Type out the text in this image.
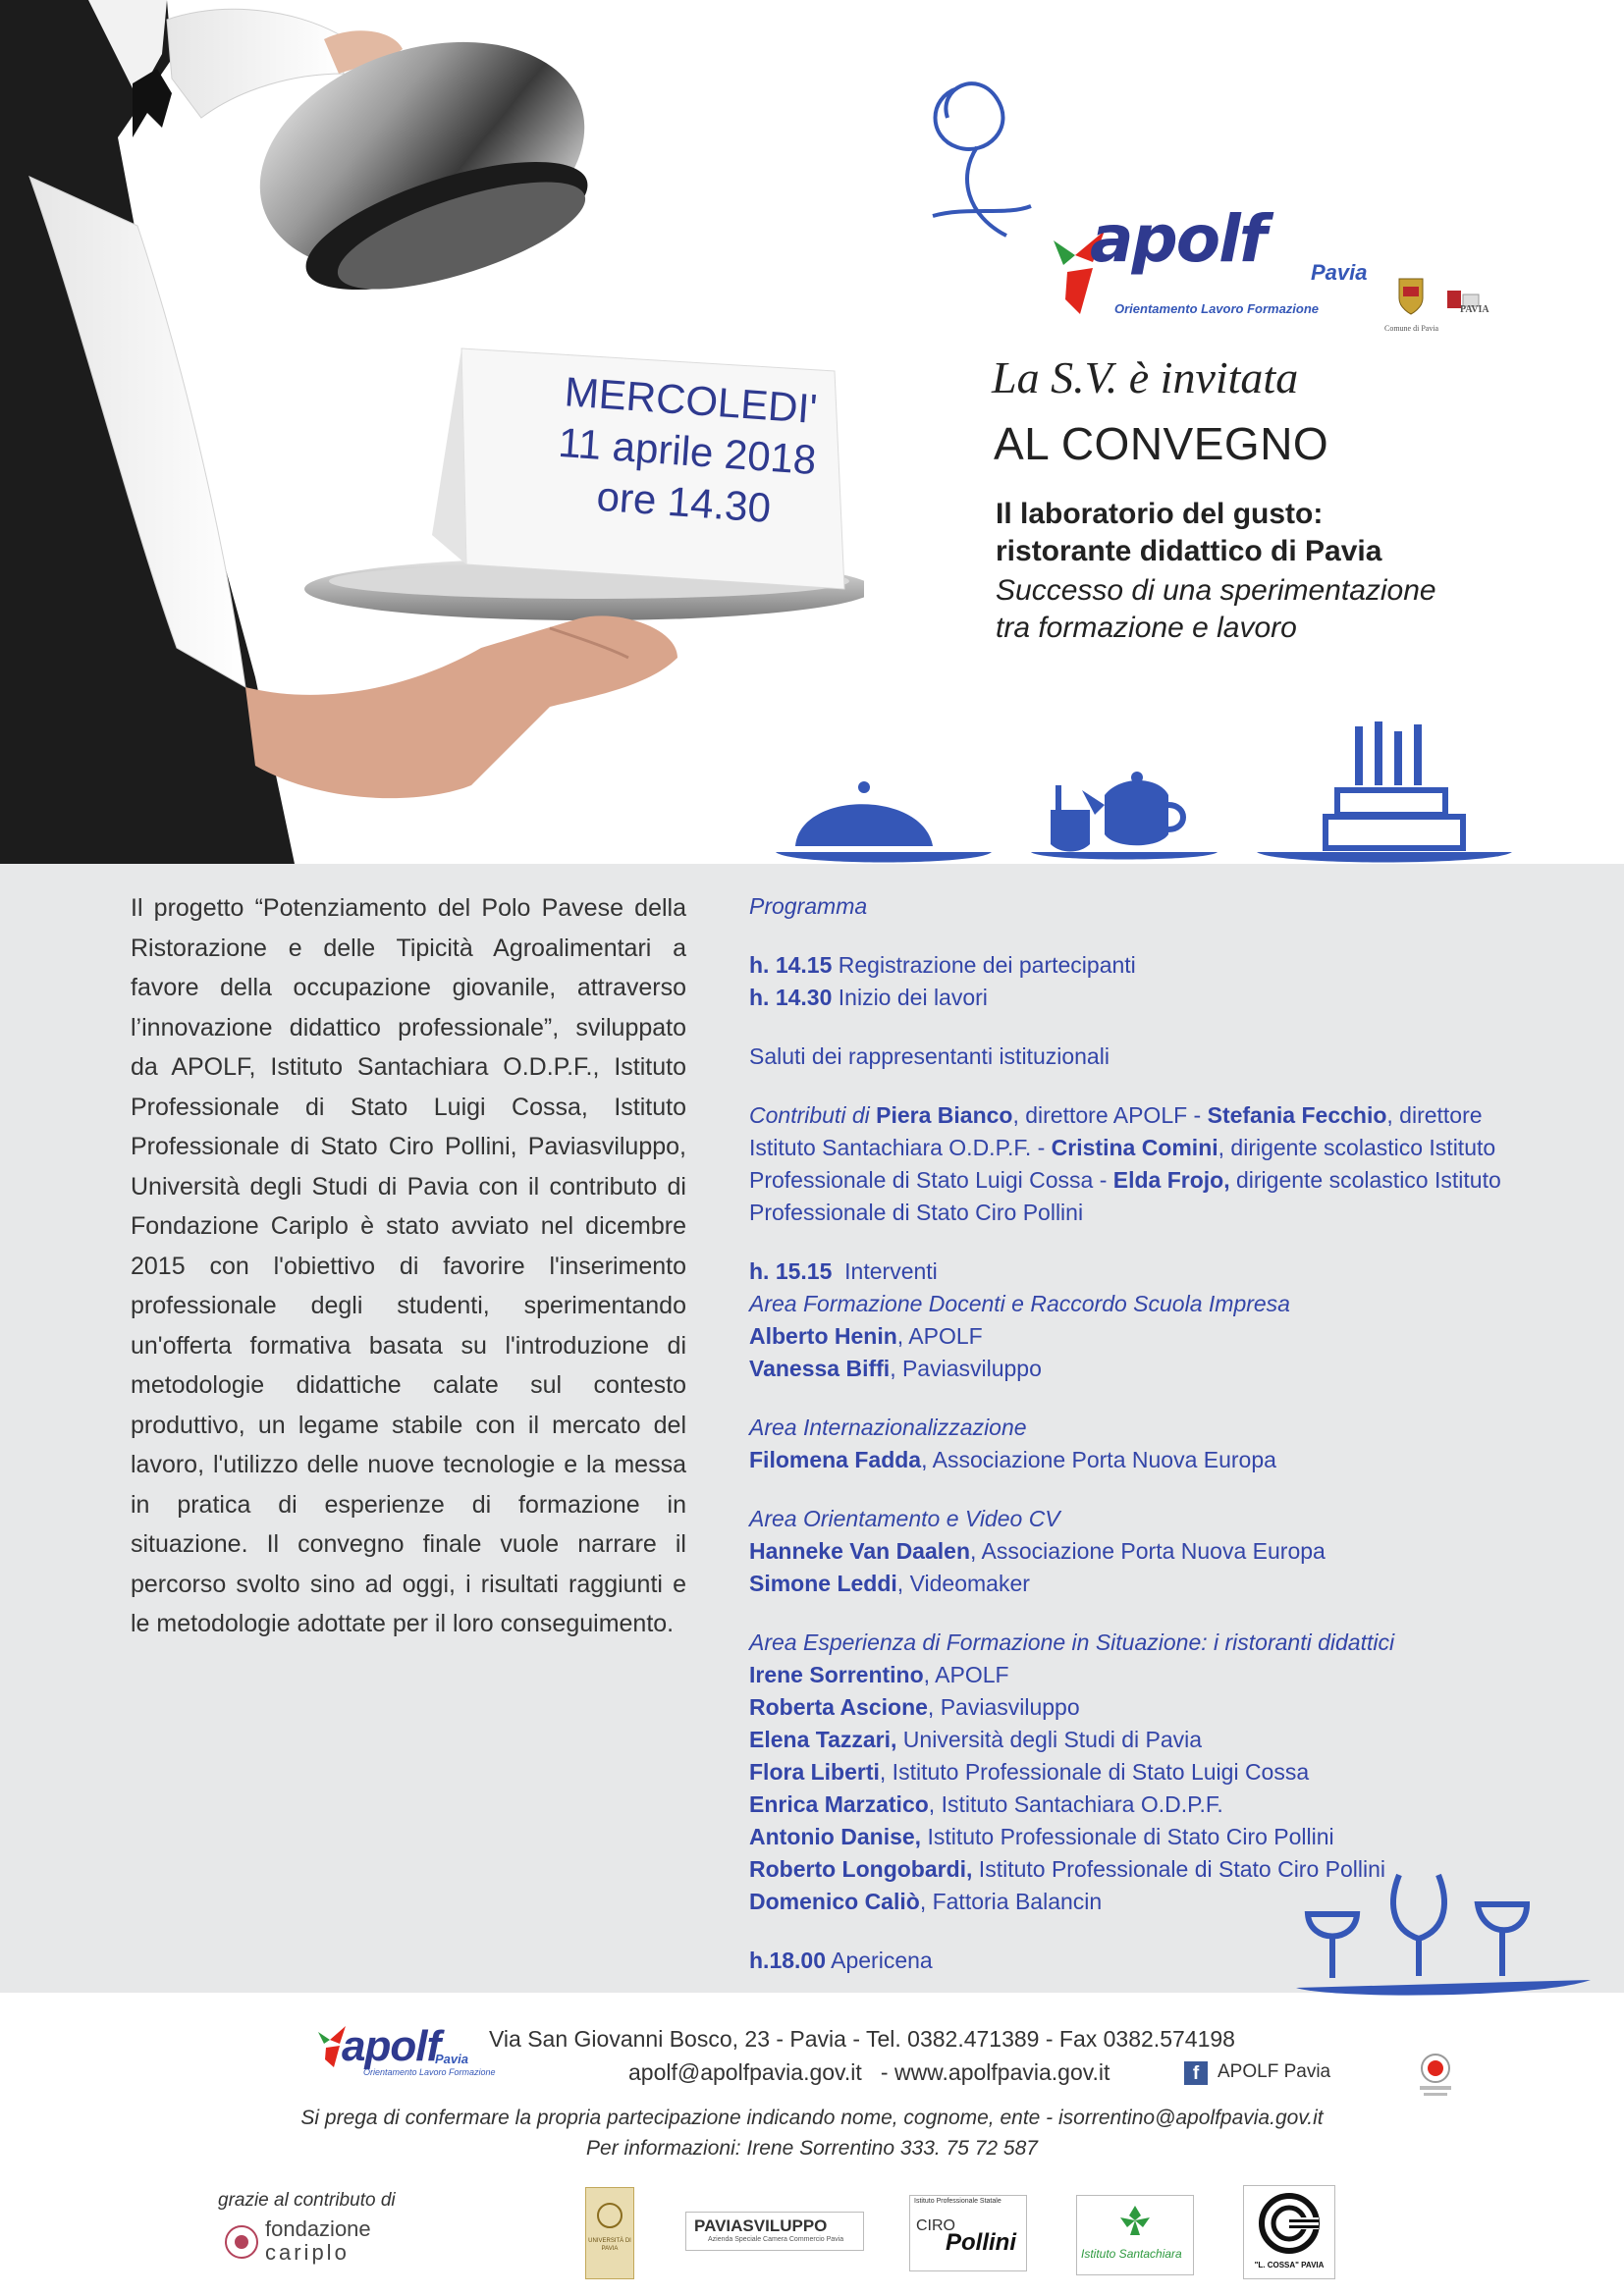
MERCOLEDI'
11 aprile 2018
ore 14.30
apolf Pavia
Orientamento Lavoro Formazione
Comune di Pavia
PAVIA
La S.V. è invitata
AL CONVEGNO
Il laboratorio del gusto:
ristorante didattico di Pavia
Successo di una sperimentazione
tra formazione e lavoro

Il progetto “Potenziamento del Polo Pavese della Ristorazione e delle Tipicità Agroalimentari a favore della occupazione giovanile, attraverso l’innovazione didattico professionale”, sviluppato da APOLF, Istituto Santachiara O.D.P.F., Istituto Professionale di Stato Luigi Cossa, Istituto Professionale di Stato Ciro Pollini, Paviasviluppo, Università degli Studi di Pavia con il contributo di Fondazione Cariplo è stato avviato nel dicembre 2015 con l'obiettivo di favorire l'inserimento professionale degli studenti, sperimentando un'offerta formativa basata su l'introduzione di metodologie didattiche calate sul contesto produttivo, un legame stabile con il mercato del lavoro, l'utilizzo delle nuove tecnologie e la messa in pratica di esperienze di formazione in situazione. Il convegno finale vuole narrare il percorso svolto sino ad oggi, i risultati raggiunti e le metodologie adottate per il loro conseguimento.

Programma
h. 14.15 Registrazione dei partecipanti
h. 14.30 Inizio dei lavori
Saluti dei rappresentanti istituzionali
Contributi di Piera Bianco, direttore APOLF - Stefania Fecchio, direttore
Istituto Santachiara O.D.P.F. - Cristina Comini, dirigente scolastico Istituto
Professionale di Stato Luigi Cossa - Elda Frojo, dirigente scolastico Istituto
Professionale di Stato Ciro Pollini
h. 15.15  Interventi
Area Formazione Docenti e Raccordo Scuola Impresa
Alberto Henin, APOLF
Vanessa Biffi, Paviasviluppo
Area Internazionalizzazione
Filomena Fadda, Associazione Porta Nuova Europa
Area Orientamento e Video CV
Hanneke Van Daalen, Associazione Porta Nuova Europa
Simone Leddi, Videomaker
Area Esperienza di Formazione in Situazione: i ristoranti didattici
Irene Sorrentino, APOLF
Roberta Ascione, Paviasviluppo
Elena Tazzari, Università degli Studi di Pavia
Flora Liberti, Istituto Professionale di Stato Luigi Cossa
Enrica Marzatico, Istituto Santachiara O.D.P.F.
Antonio Danise, Istituto Professionale di Stato Ciro Pollini
Roberto Longobardi, Istituto Professionale di Stato Ciro Pollini
Domenico Caliò, Fattoria Balancin
h.18.00 Apericena
apolf
Pavia
Orientamento Lavoro Formazione
Via San Giovanni Bosco, 23 - Pavia - Tel. 0382.471389 - Fax 0382.574198
apolf@apolfpavia.gov.it   - www.apolfpavia.gov.it	f APOLF Pavia
Si prega di confermare la propria partecipazione indicando nome, cognome, ente - isorrentino@apolfpavia.gov.it
Per informazioni: Irene Sorrentino 333. 75 72 587
grazie al contributo di
fondazione
cariplo	UNIVERSITÀ DI PAVIA
PAVIASVILUPPO
Azienda Speciale Camera Commercio Pavia
Istituto Professionale Statale
CIRO
Pollini	Istituto Santachiara
"L. COSSA" PAVIA
